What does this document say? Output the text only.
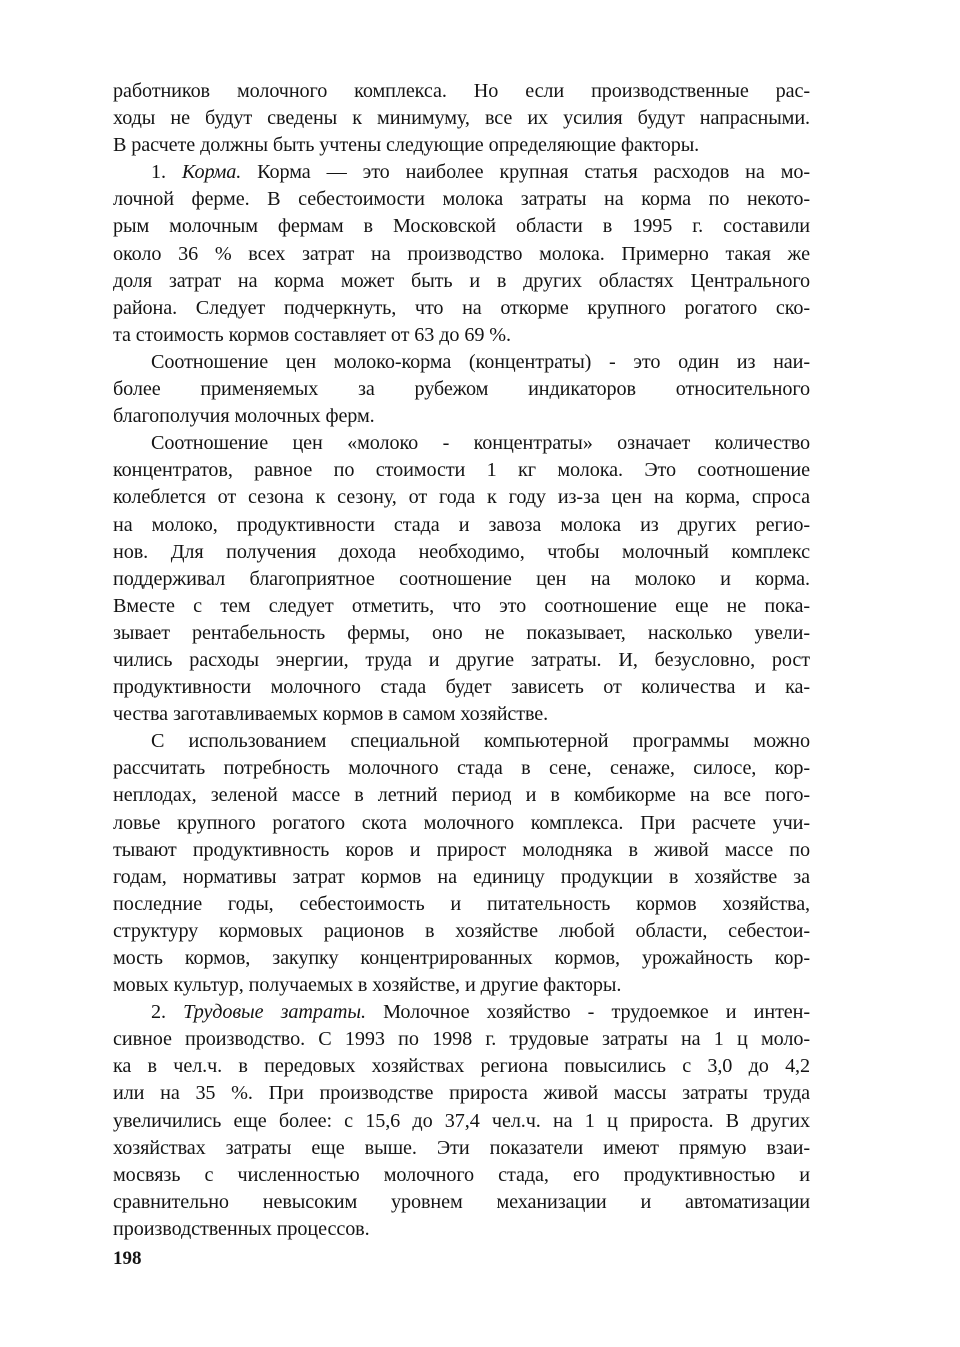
работников молочного комплекса. Но если производственные рас-
ходы не будут сведены к минимуму, все их усилия будут напрасными.
В расчете должны быть учтены следующие определяющие факторы.
1. Корма. Корма — это наиболее крупная статья расходов на мо-
лочной ферме. В себестоимости молока затраты на корма по некото-
рым молочным фермам в Московской области в 1995 г. составили
около 36 % всех затрат на производство молока. Примерно такая же
доля затрат на корма может быть и в других областях Центрального
района. Следует подчеркнуть, что на откорме крупного рогатого ско-
та стоимость кормов составляет от 63 до 69 %.
Соотношение цен молоко-корма (концентраты) - это один из наи-
более применяемых за рубежом индикаторов относительного
благополучия молочных ферм.
Соотношение цен «молоко - концентраты» означает количество
концентратов, равное по стоимости 1 кг молока. Это соотношение
колеблется от сезона к сезону, от года к году из-за цен на корма, спроса
на молоко, продуктивности стада и завоза молока из других регио-
нов. Для получения дохода необходимо, чтобы молочный комплекс
поддерживал благоприятное соотношение цен на молоко и корма.
Вместе с тем следует отметить, что это соотношение еще не пока-
зывает рентабельность фермы, оно не показывает, насколько увели-
чились расходы энергии, труда и другие затраты. И, безусловно, рост
продуктивности молочного стада будет зависеть от количества и ка-
чества заготавливаемых кормов в самом хозяйстве.
С использованием специальной компьютерной программы можно
рассчитать потребность молочного стада в сене, сенаже, силосе, кор-
неплодах, зеленой массе в летний период и в комбикорме на все пого-
ловье крупного рогатого скота молочного комплекса. При расчете учи-
тывают продуктивность коров и прирост молодняка в живой массе по
годам, нормативы затрат кормов на единицу продукции в хозяйстве за
последние годы, себестоимость и питательность кормов хозяйства,
структуру кормовых рационов в хозяйстве любой области, себестои-
мость кормов, закупку концентрированных кормов, урожайность кор-
мовых культур, получаемых в хозяйстве, и другие факторы.
2. Трудовые затраты. Молочное хозяйство - трудоемкое и интен-
сивное производство. С 1993 по 1998 г. трудовые затраты на 1 ц моло-
ка в чел.ч. в передовых хозяйствах региона повысились с 3,0 до 4,2
или на 35 %. При производстве прироста живой массы затраты труда
увеличились еще более: с 15,6 до 37,4 чел.ч. на 1 ц прироста. В других
хозяйствах затраты еще выше. Эти показатели имеют прямую взаи-
мосвязь с численностью молочного стада, его продуктивностью и
сравнительно невысоким уровнем механизации и автоматизации
производственных процессов.
198
